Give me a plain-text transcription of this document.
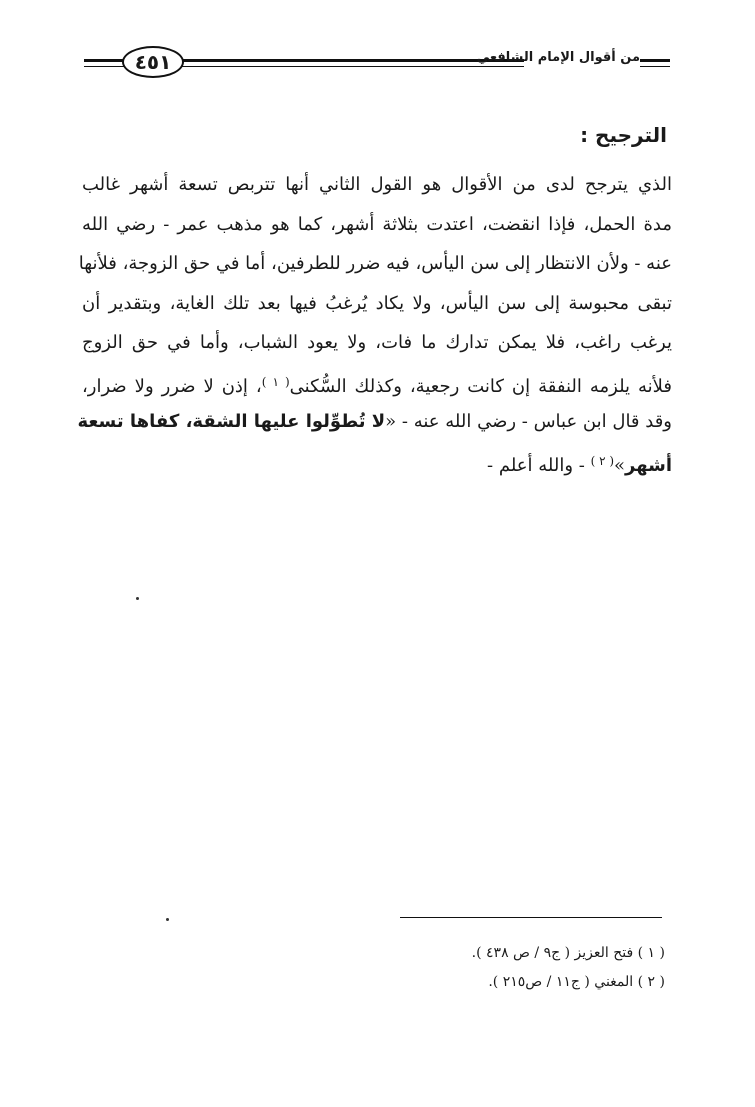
٤٥١	من أقوال الإمام الشافعي
الترجيح :
الذي يترجح لدى من الأقوال هو القول الثاني أنها تتربص تسعة أشهر غالب
مدة الحمل، فإذا انقضت، اعتدت بثلاثة أشهر، كما هو مذهب عمر - رضي الله
عنه - ولأن الانتظار إلى سن اليأس، فيه ضرر للطرفين، أما في حق الزوجة، فلأنها
تبقى محبوسة إلى سن اليأس، ولا يكاد يُرغبُ فيها بعد تلك الغاية، وبتقدير أن
يرغب راغب، فلا يمكن تدارك ما فات، ولا يعود الشباب، وأما في حق الزوج
فلأنه يلزمه النفقة إن كانت رجعية، وكذلك السُّكنى$^{( ١ )}$، إذن لا ضرر ولا ضرار،
وقد قال ابن عباس - رضي الله عنه - «لا تُطوِّلوا عليها الشقة، كفاها تسعة
أشهر»$^{( ٢ )}$ - والله أعلم -
( ١ ) فتح العزيز ( ج٩ / ص ٤٣٨ ).
( ٢ ) المغني ( ج١١ / ص٢١٥ ).
